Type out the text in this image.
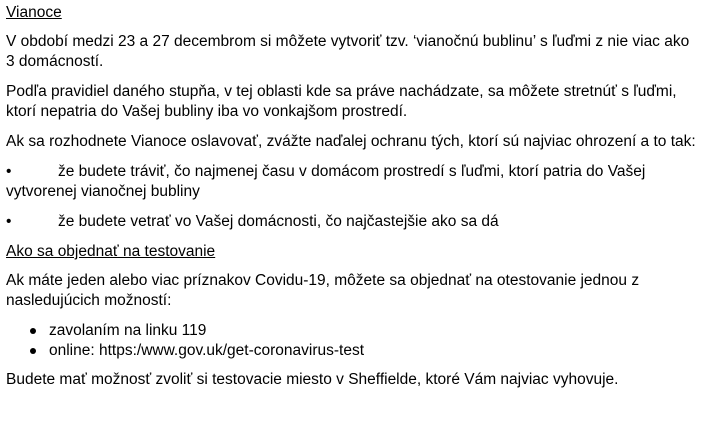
Vianoce

V období medzi 23 a 27 decembrom si môžete vytvoriť tzv. ‘vianočnú bublinu’ s ľuďmi z nie viac ako 3 domácností.

Podľa pravidiel daného stupňa, v tej oblasti kde sa práve nachádzate, sa môžete stretnúť s ľuďmi, ktorí nepatria do Vašej bubliny iba vo vonkajšom prostredí.

Ak sa rozhodnete Vianoce oslavovať, zvážte naďalej ochranu tých, ktorí sú najviac ohrození a to tak:

•	že budete tráviť, čo najmenej času v domácom prostredí s ľuďmi, ktorí patria do Vašej vytvorenej vianočnej bubliny
•	že budete vetrať vo Vašej domácnosti, čo najčastejšie ako sa dá
Ako sa objednať na testovanie

Ak máte jeden alebo viac príznakov Covidu-19, môžete sa objednať na otestovanie jednou z nasledujúcich možností:

zavolaním na linku 119
online: https:/www.gov.uk/get-coronavirus-test

Budete mať možnosť zvoliť si testovacie miesto v Sheffielde, ktoré Vám najviac vyhovuje.
